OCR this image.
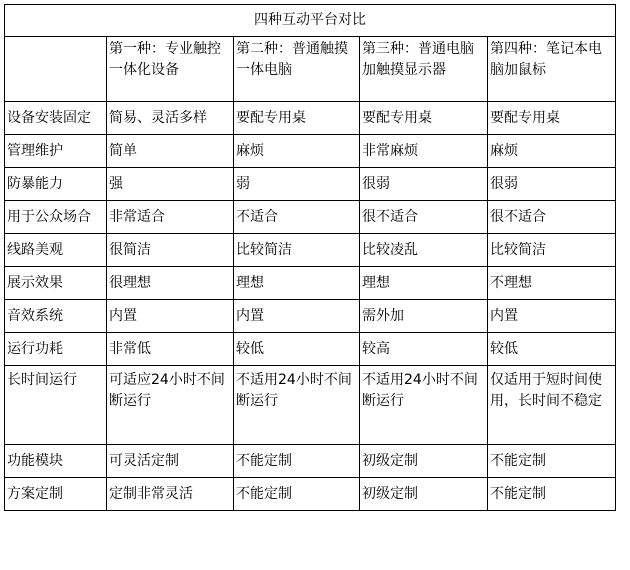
四种互动平台对比				
	第一种：专业触控一体化设备	第二种：普通触摸一体电脑	第三种：普通电脑加触摸显示器	第四种：笔记本电脑加鼠标
设备安装固定	简易、灵活多样	要配专用桌	要配专用桌	要配专用桌
管理维护	简单	麻烦	非常麻烦	麻烦
防暴能力	强	弱	很弱	很弱
用于公众场合	非常适合	不适合	很不适合	很不适合
线路美观	很简洁	比较简洁	比较凌乱	比较简洁
展示效果	很理想	理想	理想	不理想
音效系统	内置	内置	需外加	内置
运行功耗	非常低	较低	较高	较低
长时间运行	可适应24小时不间断运行	不适用24小时不间断运行	不适用24小时不间断运行	仅适用于短时间使用，长时间不稳定
功能模块	可灵活定制	不能定制	初级定制	不能定制
方案定制	定制非常灵活	不能定制	初级定制	不能定制
